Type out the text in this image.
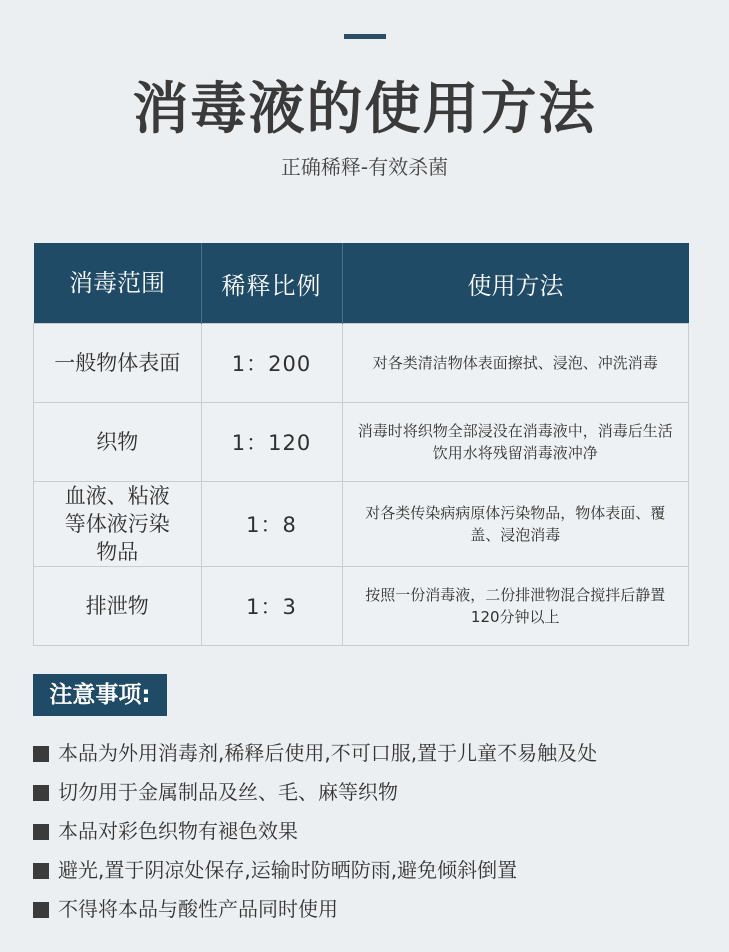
消毒液的使用方法
正确稀释-有效杀菌
消毒范围	稀释比例	使用方法
一般物体表面	1：200	对各类清洁物体表面擦拭、浸泡、冲洗消毒
织物	1：120	消毒时将织物全部浸没在消毒液中，消毒后生活饮用水将残留消毒液冲净
血液、粘液等体液污染物品	1：8	对各类传染病病原体污染物品，物体表面、覆盖、浸泡消毒
排泄物	1：3	按照一份消毒液，二份排泄物混合搅拌后静置120分钟以上
注意事项:
本品为外用消毒剂,稀释后使用,不可口服,置于儿童不易触及处
切勿用于金属制品及丝、毛、麻等织物
本品对彩色织物有褪色效果
避光,置于阴凉处保存,运输时防晒防雨,避免倾斜倒置
不得将本品与酸性产品同时使用
